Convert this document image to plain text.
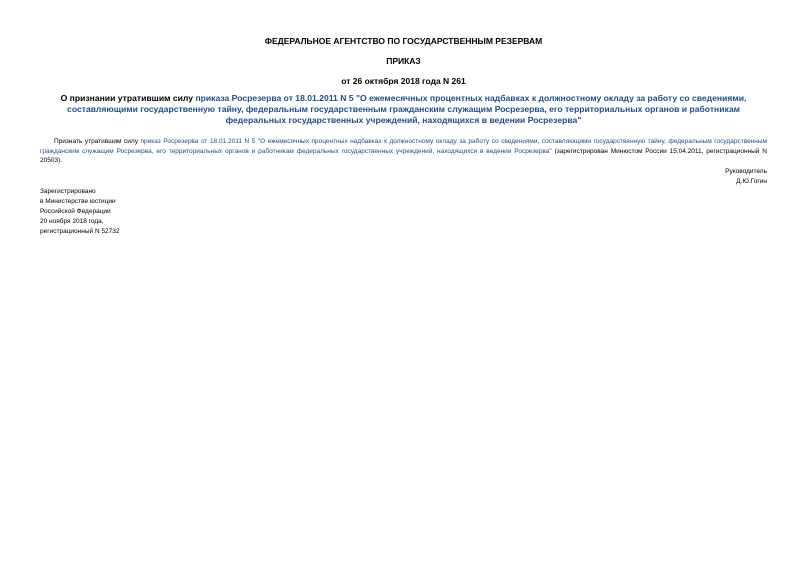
ФЕДЕРАЛЬНОЕ АГЕНТСТВО ПО ГОСУДАРСТВЕННЫМ РЕЗЕРВАМ
ПРИКАЗ
от 26 октября 2018 года N 261
О признании утратившим силу приказа Росрезерва от 18.01.2011 N 5 "О ежемесячных процентных надбавках к должностному окладу за работу со сведениями, составляющими государственную тайну, федеральным государственным гражданским служащим Росрезерва, его территориальных органов и работникам федеральных государственных учреждений, находящихся в ведении Росрезерва"
Признать утратившим силу приказ Росрезерва от 18.01.2011 N 5 "О ежемесячных процентных надбавках к должностному окладу за работу со сведениями, составляющими государственную тайну, федеральным государственным гражданским служащим Росрезерва, его территориальных органов и работникам федеральных государственных учреждений, находящихся в ведении Росрезерва" (зарегистрирован Минюстом России 15.04.2011, регистрационный N 20503).
Руководитель
Д.Ю.Гогин
Зарегистрировано
в Министерстве юстиции
Российской Федерации
20 ноября 2018 года,
регистрационный N 52732
